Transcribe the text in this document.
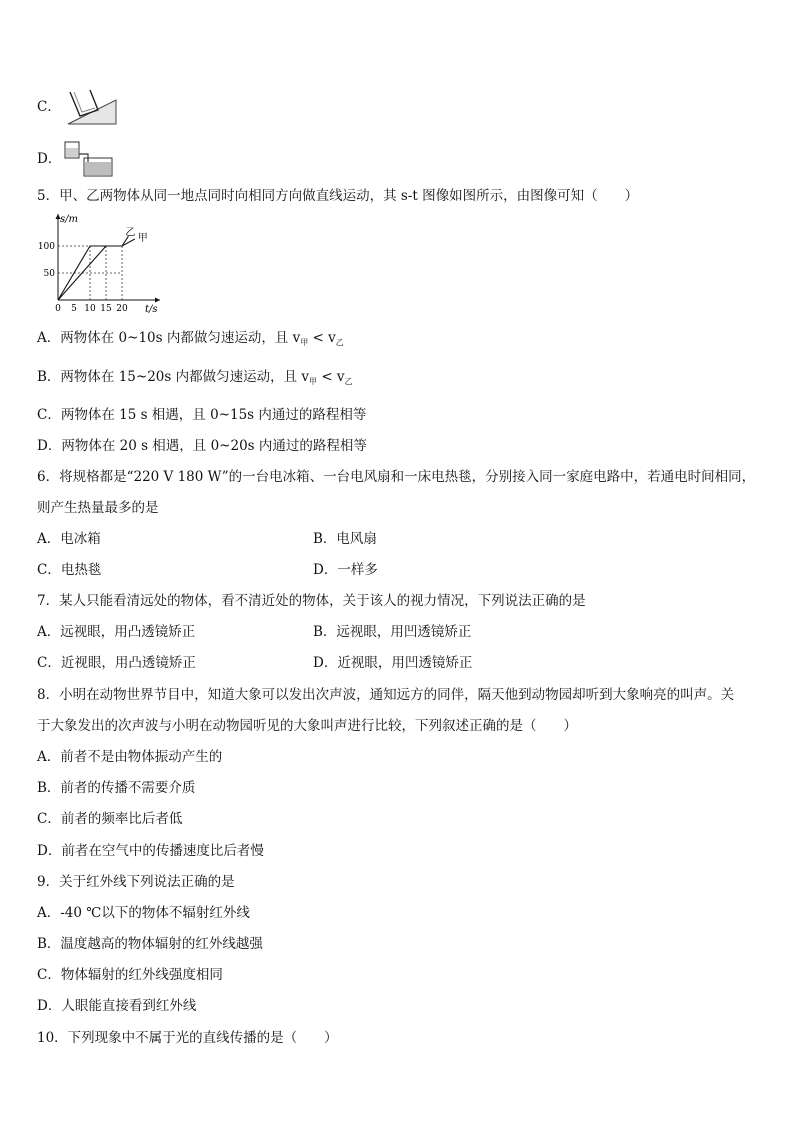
C．
D．
5．甲、乙两物体从同一地点同时向相同方向做直线运动，其 s-t 图像如图所示，由图像可知（　　）
s/m
t/s
50
100
0 5 10 15 20
甲
乙
A．两物体在 0~10s 内都做匀速运动，且 $v_甲 < v_乙$
B．两物体在 15~20s 内都做匀速运动，且 $v_甲 < v_乙$
C．两物体在 15 s 相遇，且 0~15s 内通过的路程相等
D．两物体在 20 s 相遇，且 0~20s 内通过的路程相等
6．将规格都是“220 V 180 W”的一台电冰箱、一台电风扇和一床电热毯，分别接入同一家庭电路中，若通电时间相同，
则产生热量最多的是
A．电冰箱	B．电风扇
C．电热毯	D．一样多
7．某人只能看清远处的物体，看不清近处的物体，关于该人的视力情况，下列说法正确的是
A．远视眼，用凸透镜矫正	B．远视眼，用凹透镜矫正
C．近视眼，用凸透镜矫正	D．近视眼，用凹透镜矫正
8．小明在动物世界节目中，知道大象可以发出次声波，通知远方的同伴，隔天他到动物园却听到大象响亮的叫声。关
于大象发出的次声波与小明在动物园听见的大象叫声进行比较，下列叙述正确的是（　　）
A．前者不是由物体振动产生的
B．前者的传播不需要介质
C．前者的频率比后者低
D．前者在空气中的传播速度比后者慢
9．关于红外线下列说法正确的是
A．-40 ℃以下的物体不辐射红外线
B．温度越高的物体辐射的红外线越强
C．物体辐射的红外线强度相同
D．人眼能直接看到红外线
10．下列现象中不属于光的直线传播的是（　　）
